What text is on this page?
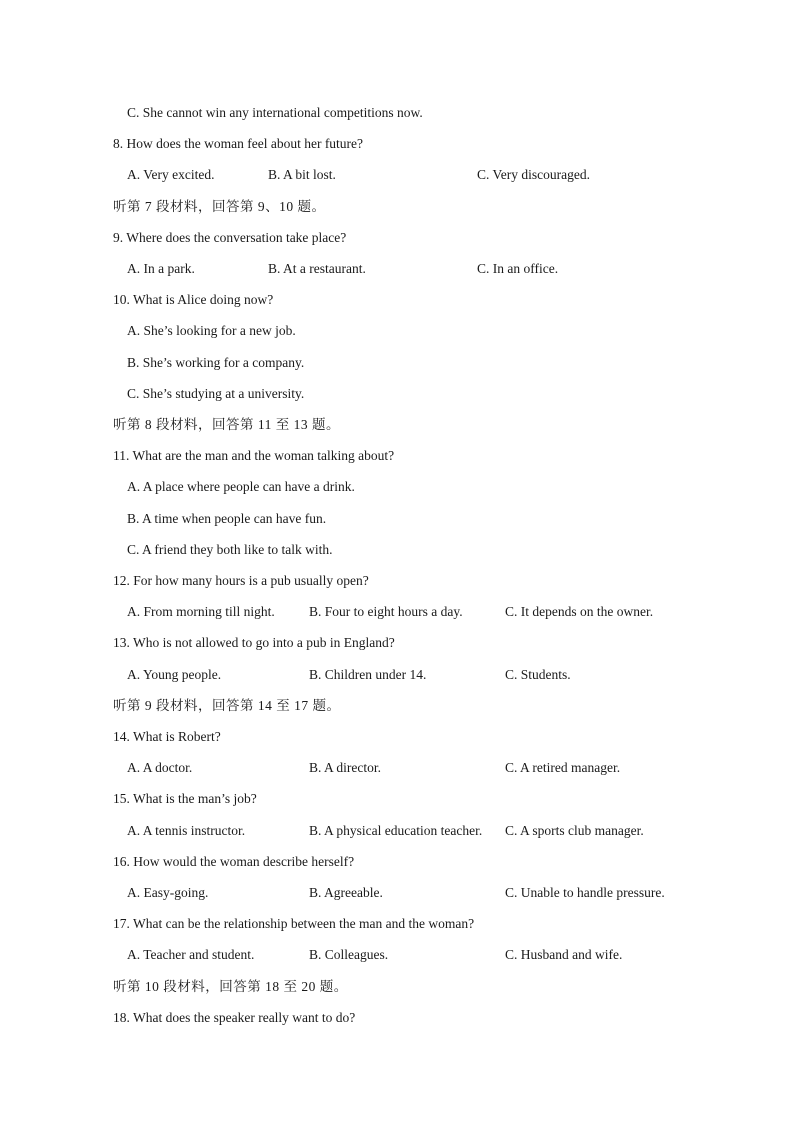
C. She cannot win any international competitions now.
8. How does the woman feel about her future?
A. Very excited.	B. A bit lost.	C. Very discouraged.
听第 7 段材料，回答第 9、10 题。
9. Where does the conversation take place?
A. In a park.	B. At a restaurant.	C. In an office.
10. What is Alice doing now?
A. She’s looking for a new job.
B. She’s working for a company.
C. She’s studying at a university.
听第 8 段材料，回答第 11 至 13 题。
11. What are the man and the woman talking about?
A. A place where people can have a drink.
B. A time when people can have fun.
C. A friend they both like to talk with.
12. For how many hours is a pub usually open?
A. From morning till night.	B. Four to eight hours a day.	C. It depends on the owner.
13. Who is not allowed to go into a pub in England?
A. Young people.	B. Children under 14.	C. Students.
听第 9 段材料，回答第 14 至 17 题。
14. What is Robert?
A. A doctor.	B. A director.	C. A retired manager.
15. What is the man’s job?
A. A tennis instructor.	B. A physical education teacher. C. A sports club manager.
16. How would the woman describe herself?
A. Easy-going.	B. Agreeable.	C. Unable to handle pressure.
17. What can be the relationship between the man and the woman?
A. Teacher and student.	B. Colleagues.	C. Husband and wife.
听第 10 段材料，回答第 18 至 20 题。
18. What does the speaker really want to do?
